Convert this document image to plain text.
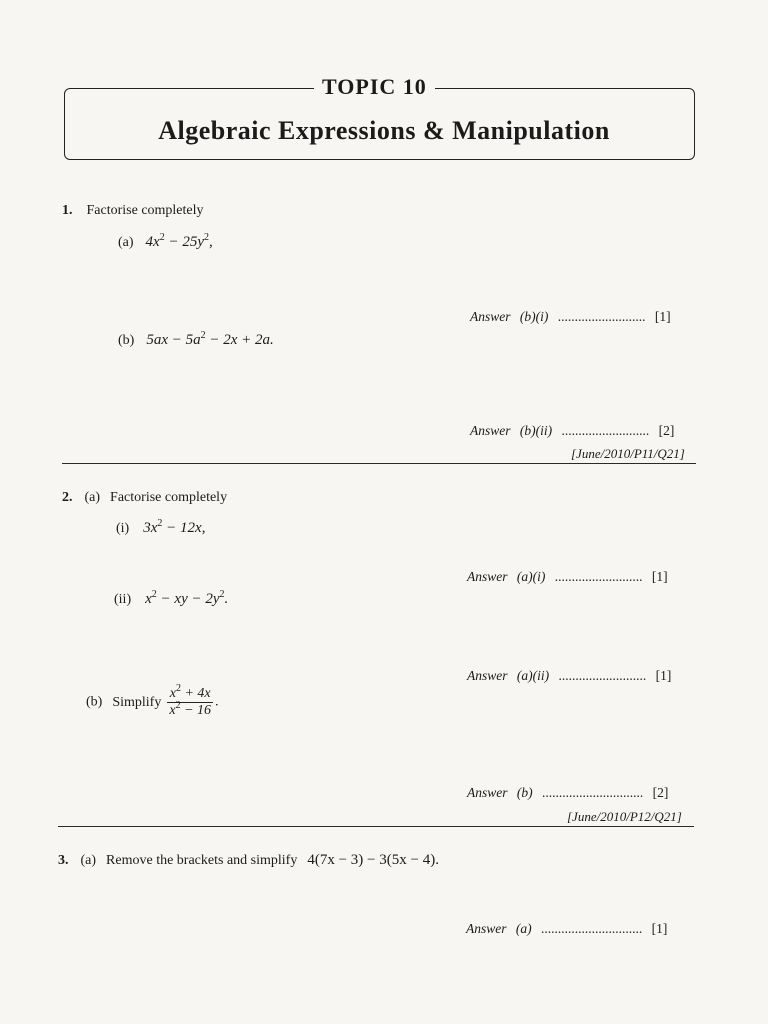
TOPIC 10
Algebraic Expressions & Manipulation
1. Factorise completely
(a) $4x^2 - 25y^2$,
Answer (b)(i) .......................... [1]
(b) $5ax - 5a^2 - 2x + 2a$.
Answer (b)(ii) .......................... [2]
[June/2010/P11/Q21]
2. (a) Factorise completely
(i) $3x^2 - 12x$,
Answer (a)(i) .......................... [1]
(ii) $x^2$ − xy − $2y^2$.
Answer (a)(ii) .......................... [1]
(b) Simplify $\frac{x^2 + 4x}{x^2 - 16}$ .
Answer (b) .............................. [2]
[June/2010/P12/Q21]
3. (a) Remove the brackets and simplify 4(7x − 3) − 3(5x − 4).
Answer (a) .............................. [1]
